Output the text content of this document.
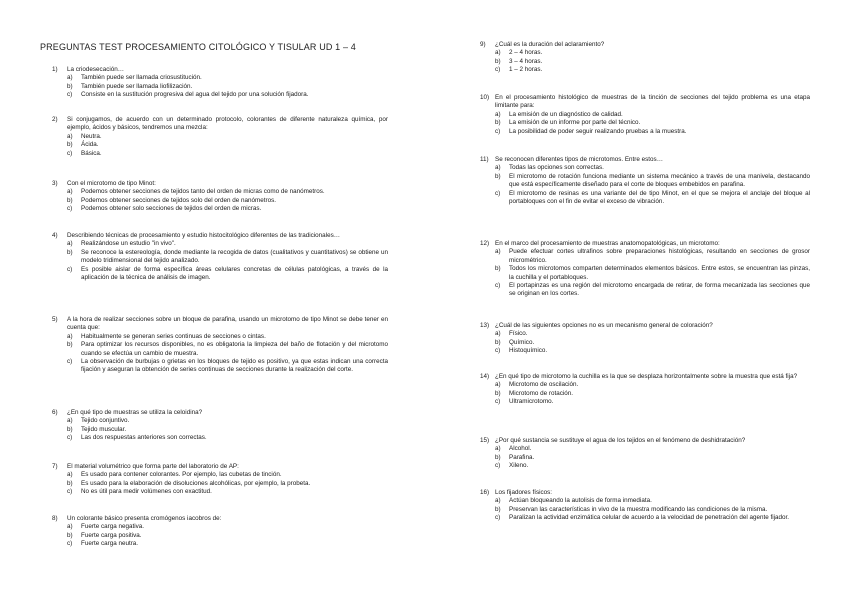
PREGUNTAS TEST PROCESAMIENTO CITOLÓGICO Y TISULAR UD 1 – 4
1) La criodesecación…
a) También puede ser llamada criosustitución.
b) También puede ser llamada liofilización.
c) Consiste en la sustitución progresiva del agua del tejido por una solución fijadora.
2) Si conjugamos, de acuerdo con un determinado protocolo, colorantes de diferente naturaleza química, por ejemplo, ácidos y básicos, tendremos una mezcla:
a) Neutra.
b) Ácida.
c) Básica.
3) Con el microtomo de tipo Minot:
a) Podemos obtener secciones de tejidos tanto del orden de micras como de nanómetros.
b) Podemos obtener secciones de tejidos solo del orden de nanómetros.
c) Podemos obtener solo secciones de tejidos del orden de micras.
4) Describiendo técnicas de procesamiento y estudio histocitológico diferentes de las tradicionales…
a) Realizándose un estudio "in vivo".
b) Se reconoce la estereología, donde mediante la recogida de datos (cualitativos y cuantitativos) se obtiene un modelo tridimensional del tejido analizado.
c) Es posible aislar de forma específica áreas celulares concretas de células patológicas, a través de la aplicación de la técnica de análisis de imagen.
5) A la hora de realizar secciones sobre un bloque de parafina, usando un microtomo de tipo Minot se debe tener en cuenta que:
a) Habitualmente se generan series continuas de secciones o cintas.
b) Para optimizar los recursos disponibles, no es obligatoria la limpieza del baño de flotación y del microtomo cuando se efectúa un cambio de muestra.
c) La observación de burbujas o grietas en los bloques de tejido es positivo, ya que estas indican una correcta fijación y aseguran la obtención de series continuas de secciones durante la realización del corte.
6) ¿En qué tipo de muestras se utiliza la celoidina?
a) Tejido conjuntivo.
b) Tejido muscular.
c) Las dos respuestas anteriores son correctas.
7) El material volumétrico que forma parte del laboratorio de AP:
a) Es usado para contener colorantes. Por ejemplo, las cubetas de tinción.
b) Es usado para la elaboración de disoluciones alcohólicas, por ejemplo, la probeta.
c) No es útil para medir volúmenes con exactitud.
8) Un colorante básico presenta cromógenos iacobros de:
a) Fuerte carga negativa.
b) Fuerte carga positiva.
c) Fuerte carga neutra.
9) ¿Cuál es la duración del aclaramiento?
a) 2 – 4 horas.
b) 3 – 4 horas.
c) 1 – 2 horas.
10) En el procesamiento histológico de muestras de la tinción de secciones del tejido problema es una etapa limitante para:
a) La emisión de un diagnóstico de calidad.
b) La emisión de un informe por parte del técnico.
c) La posibilidad de poder seguir realizando pruebas a la muestra.
11) Se reconocen diferentes tipos de microtomos. Entre estos…
a) Todas las opciones son correctas.
b) El microtomo de rotación funciona mediante un sistema mecánico a través de una manivela, destacando que está específicamente diseñado para el corte de bloques embebidos en parafina.
c) El microtomo de resinas es una variante del de tipo Minot, en el que se mejora el anclaje del bloque al portabloques con el fin de evitar el exceso de vibración.
12) En el marco del procesamiento de muestras anatomopatológicas, un microtomo:
a) Puede efectuar cortes ultrafinos sobre preparaciones histológicas, resultando en secciones de grosor micrométrico.
b) Todos los microtomos comparten determinados elementos básicos. Entre estos, se encuentran las pinzas, la cuchilla y el portabloques.
c) El portapinzas es una región del microtomo encargada de retirar, de forma mecanizada las secciones que se originan en los cortes.
13) ¿Cuál de las siguientes opciones no es un mecanismo general de coloración?
a) Físico.
b) Químico.
c) Histoquímico.
14) ¿En qué tipo de microtomo la cuchilla es la que se desplaza horizontalmente sobre la muestra que está fija?
a) Microtomo de oscilación.
b) Microtomo de rotación.
c) Ultramicrotomo.
15) ¿Por qué sustancia se sustituye el agua de los tejidos en el fenómeno de deshidratación?
a) Alcohol.
b) Parafina.
c) Xileno.
16) Los fijadores físicos:
a) Actúan bloqueando la autolisis de forma inmediata.
b) Preservan las características in vivo de la muestra modificando las condiciones de la misma.
c) Paralizan la actividad enzimática celular de acuerdo a la velocidad de penetración del agente fijador.
